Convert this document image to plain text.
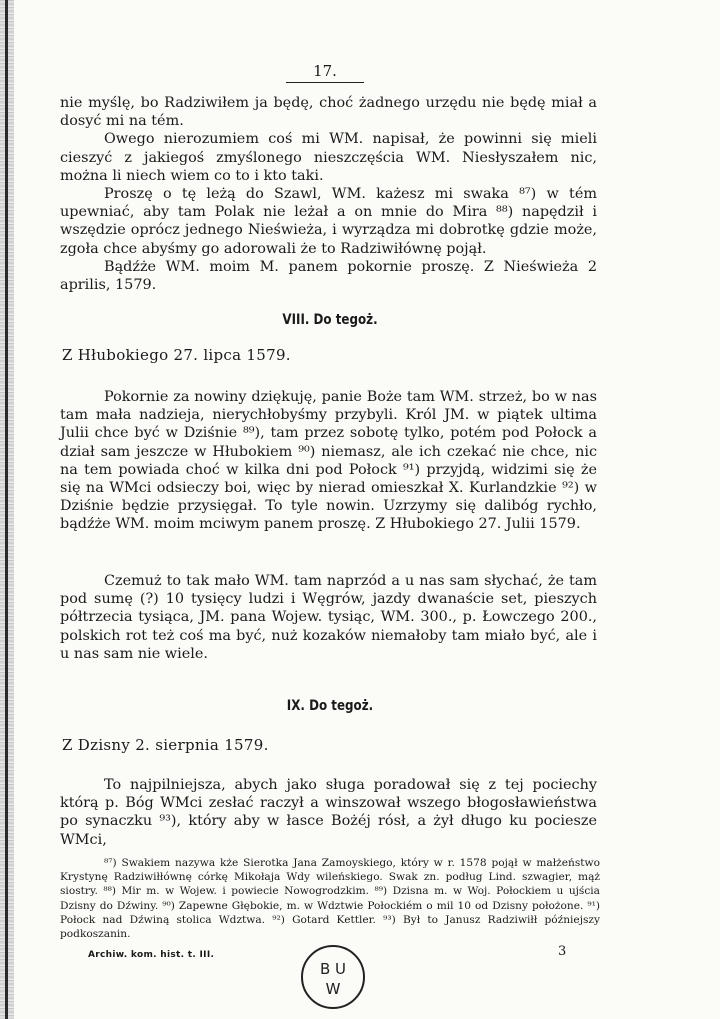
17.

nie myślę, bo Radziwiłem ja będę, choć żadnego urzędu nie będę miał a dosyć mi na tém.

Owego nierozumiem coś mi WM. napisał, że powinni się mieli cieszyć z jakiegoś zmyślonego nieszczęścia WM. Niesłyszałem nic, można li niech wiem co to i kto taki.

Proszę o tę leżą do Szawl, WM. każesz mi swaka ⁸⁷) w tém upewniać, aby tam Polak nie leżał a on mnie do Mira ⁸⁸) napędził i wszędzie oprócz jednego Nieświeża, i wyrządza mi dobrotkę gdzie może, zgoła chce abyśmy go adorowali że to Radziwiłównę pojął.

Bądźże WM. moim M. panem pokornie proszę. Z Nieświeża 2 aprilis, 1579.

VIII. Do tegoż.
Z Hłubokiego 27. lipca 1579.

Pokornie za nowiny dziękuję, panie Boże tam WM. strzeż, bo w nas tam mała nadzieja, nierychłobyśmy przybyli. Król JM. w piątek ultima Julii chce być w Dziśnie ⁸⁹), tam przez sobotę tylko, potém pod Połock a dział sam jeszcze w Hłubokiem ⁹⁰) niemasz, ale ich czekać nie chce, nic na tem powiada choć w kilka dni pod Połock ⁹¹) przyjdą, widzimi się że się na WMci odsieczy boi, więc by nierad omieszkał X. Kurlandzkie ⁹²) w Dziśnie będzie przysięgał. To tyle nowin. Uzrzymy się dalibóg rychło, bądźże WM. moim mciwym panem proszę. Z Hłubokiego 27. Julii 1579.

Czemuż to tak mało WM. tam naprzód a u nas sam słychać, że tam pod sumę (?) 10 tysięcy ludzi i Węgrów, jazdy dwanaście set, pieszych półtrzecia tysiąca, JM. pana Wojew. tysiąc, WM. 300., p. Łowczego 200., polskich rot też coś ma być, nuż kozaków niemałoby tam miało być, ale i u nas sam nie wiele.

IX. Do tegoż.
Z Dzisny 2. sierpnia 1579.

To najpilniejsza, abych jako sługa poradował się z tej pociechy którą p. Bóg WMci zesłać raczył a winszował wszego błogosławieństwa po synaczku ⁹³), który aby w łasce Bożéj rósł, a żył długo ku pociesze WMci,

⁸⁷) Swakiem nazywa kże Sierotka Jana Zamoyskiego, który w r. 1578 pojął w małżeństwo Krystynę Radziwiłłównę córkę Mikołaja Wdy wileńskiego. Swak zn. podług Lind. szwagier, mąż siostry. ⁸⁸) Mir m. w Wojew. i powiecie Nowogrodzkim. ⁸⁹) Dzisna m. w Woj. Połockiem u ujścia Dzisny do Dźwiny. ⁹⁰) Zapewne Głębokie, m. w Wdztwie Połockiém o mil 10 od Dzisny położone. ⁹¹) Połock nad Dźwiną stolica Wdztwa. ⁹²) Gotard Kettler. ⁹³) Był to Janusz Radziwiłł późniejszy podkoszanin.

Archiw. kom. hist. t. III.	3
B U
W
